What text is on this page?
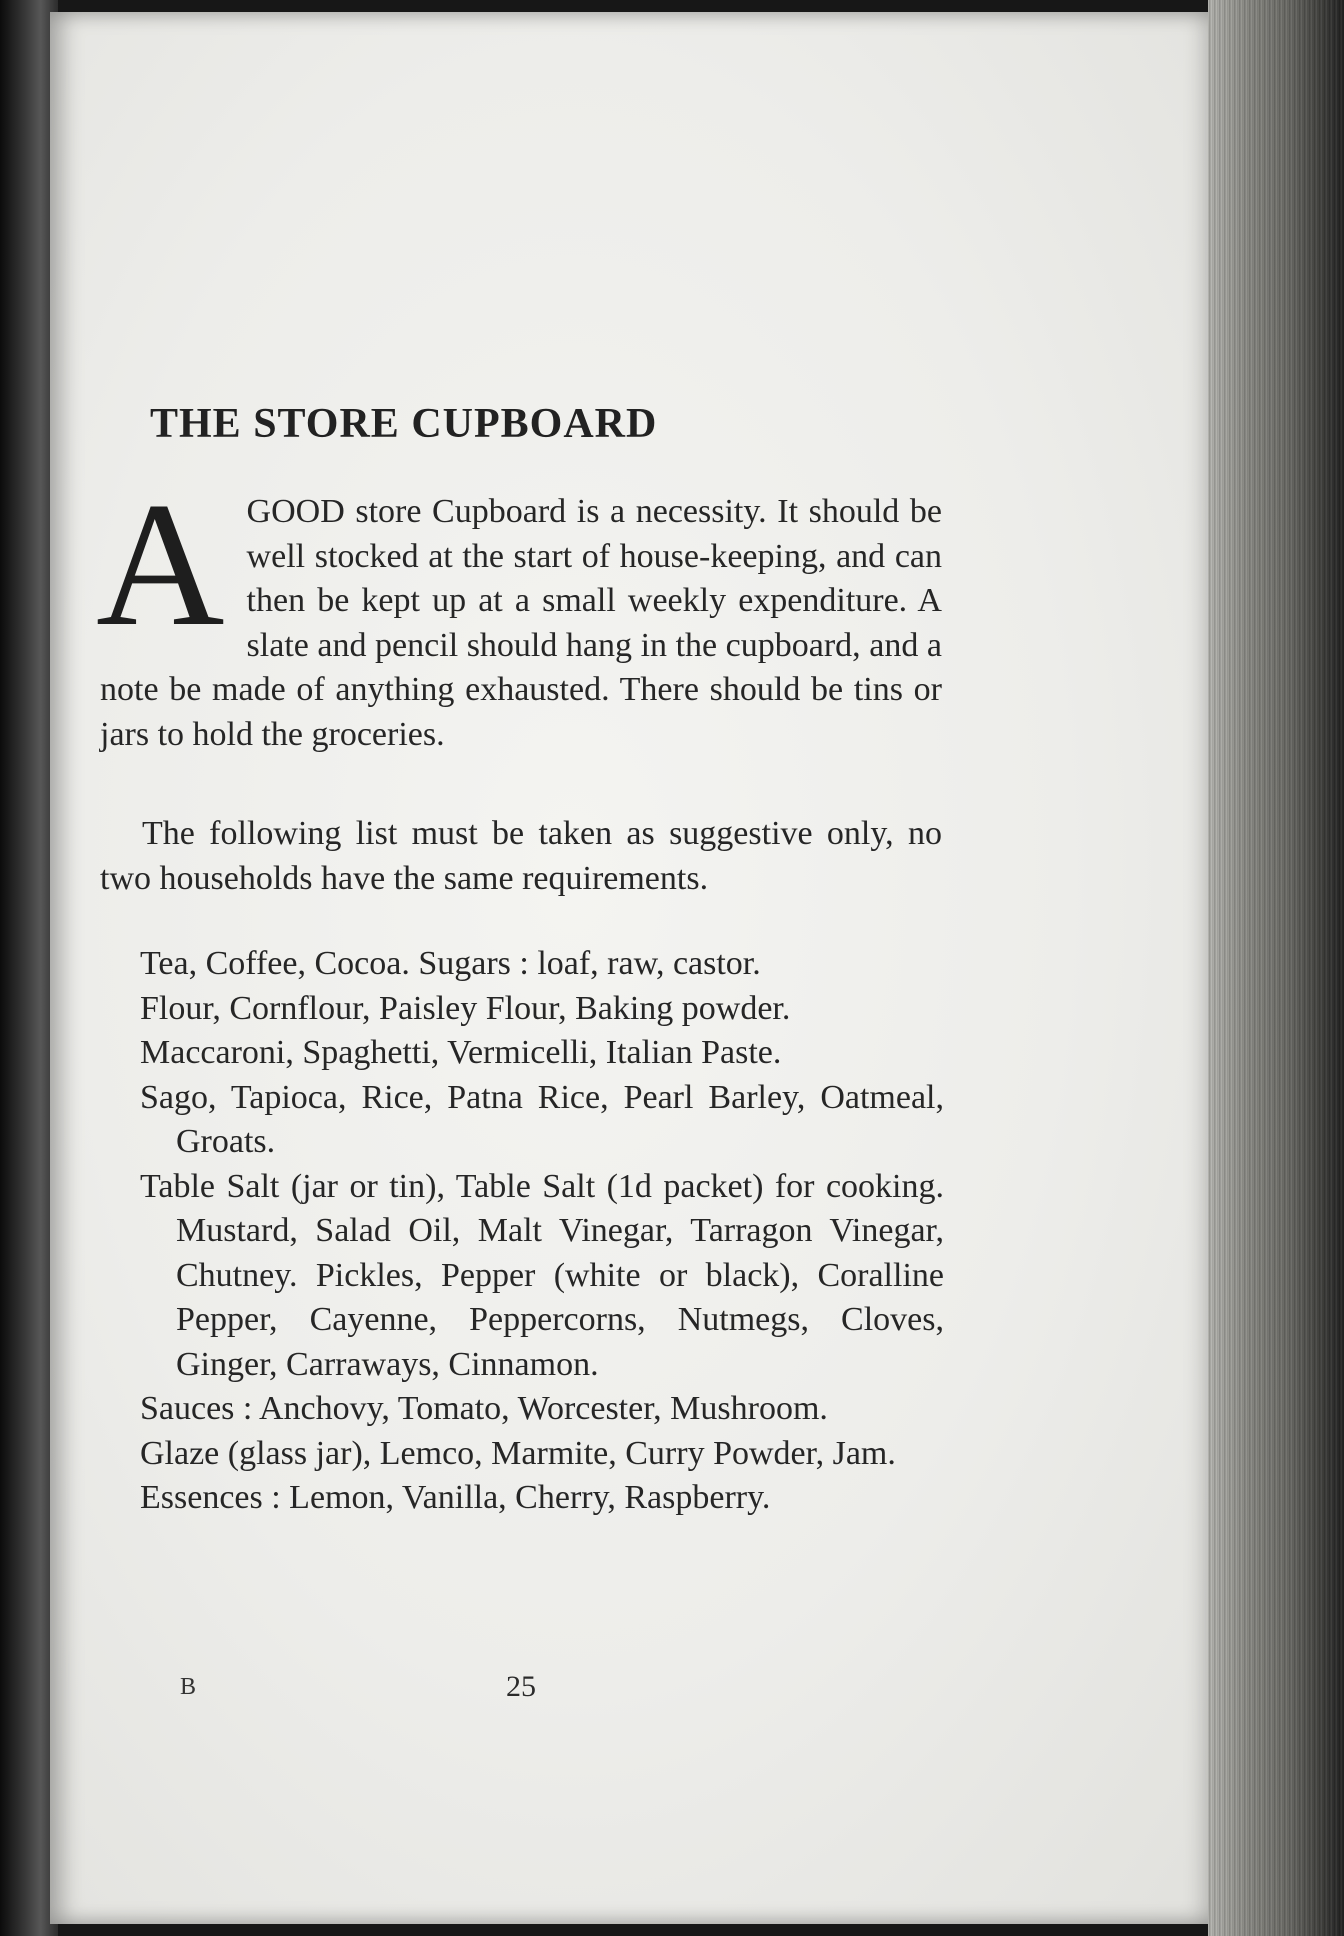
THE STORE CUPBOARD

AGOOD store Cupboard is a necessity. It should be well stocked at the start of house-keeping, and can then be kept up at a small weekly expenditure. A slate and pencil should hang in the cupboard, and a note be made of anything exhausted. There should be tins or jars to hold the groceries.

The following list must be taken as suggestive only, no two households have the same requirements.

Tea, Coffee, Cocoa. Sugars : loaf, raw, castor.
Flour, Cornflour, Paisley Flour, Baking powder.
Maccaroni, Spaghetti, Vermicelli, Italian Paste.
Sago, Tapioca, Rice, Patna Rice, Pearl Barley, Oatmeal, Groats.
Table Salt (jar or tin), Table Salt (1d packet) for cooking. Mustard, Salad Oil, Malt Vinegar, Tarragon Vinegar, Chutney. Pickles, Pepper (white or black), Coralline Pepper, Cayenne, Peppercorns, Nutmegs, Cloves, Ginger, Carraways, Cinnamon.
Sauces : Anchovy, Tomato, Worcester, Mushroom.
Glaze (glass jar), Lemco, Marmite, Curry Powder, Jam.
Essences : Lemon, Vanilla, Cherry, Raspberry.
B	25
